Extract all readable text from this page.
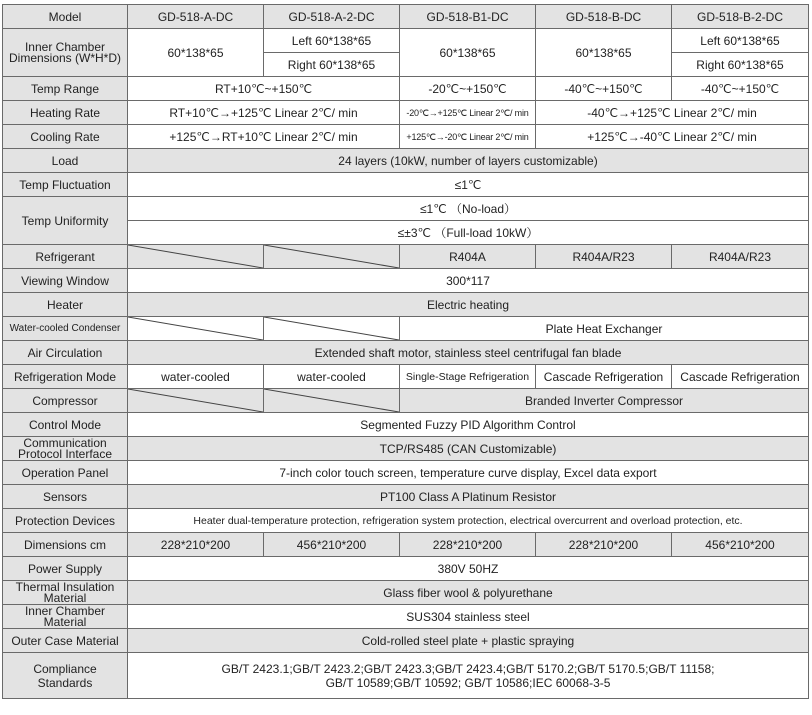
Model	GD-518-A-DC	GD-518-A-2-DC	GD-518-B1-DC	GD-518-B-DC	GD-518-B-2-DC
Inner Chamber Dimensions (W*H*D)	60*138*65	Left 60*138*65	60*138*65	60*138*65	Left 60*138*65
		Right 60*138*65			Right 60*138*65
Temp Range	RT+10℃~+150℃		-20℃~+150℃	-40℃~+150℃	-40℃~+150℃
Heating Rate	RT+10℃→+125℃ Linear 2℃/ min		-20℃→+125℃ Linear 2℃/ min	-40℃→+125℃ Linear 2℃/ min	
Cooling Rate	+125℃→RT+10℃ Linear 2℃/ min		+125℃→-20℃ Linear 2℃/ min	+125℃→-40℃ Linear 2℃/ min	
Load	24 layers (10kW, number of layers customizable)				
Temp Fluctuation	≤1℃				
Temp Uniformity	≤1℃ （No-load）				
	≤±3℃ （Full-load 10kW）				
Refrigerant			R404A	R404A/R23	R404A/R23
Viewing Window	300*117				
Heater	Electric heating				
Water-cooled Condenser			Plate Heat Exchanger		
Air Circulation	Extended shaft motor, stainless steel centrifugal fan blade				
Refrigeration Mode	water-cooled	water-cooled	Single-Stage Refrigeration	Cascade Refrigeration	Cascade Refrigeration
Compressor			Branded Inverter Compressor		
Control Mode	Segmented Fuzzy PID Algorithm Control				
Communication Protocol Interface	TCP/RS485 (CAN Customizable)				
Operation Panel	7-inch color touch screen, temperature curve display, Excel data export				
Sensors	PT100 Class A Platinum Resistor				
Protection Devices	Heater dual-temperature protection, refrigeration system protection, electrical overcurrent and overload protection, etc.				
Dimensions cm	228*210*200	456*210*200	228*210*200	228*210*200	456*210*200
Power Supply	380V 50HZ				
Thermal Insulation Material	Glass fiber wool & polyurethane				
Inner Chamber Material	SUS304 stainless steel				
Outer Case Material	Cold-rolled steel plate + plastic spraying				
Compliance Standards	GB/T 2423.1;GB/T 2423.2;GB/T 2423.3;GB/T 2423.4;GB/T 5170.2;GB/T 5170.5;GB/T 11158; GB/T 10589;GB/T 10592; GB/T 10586;IEC 60068-3-5				
